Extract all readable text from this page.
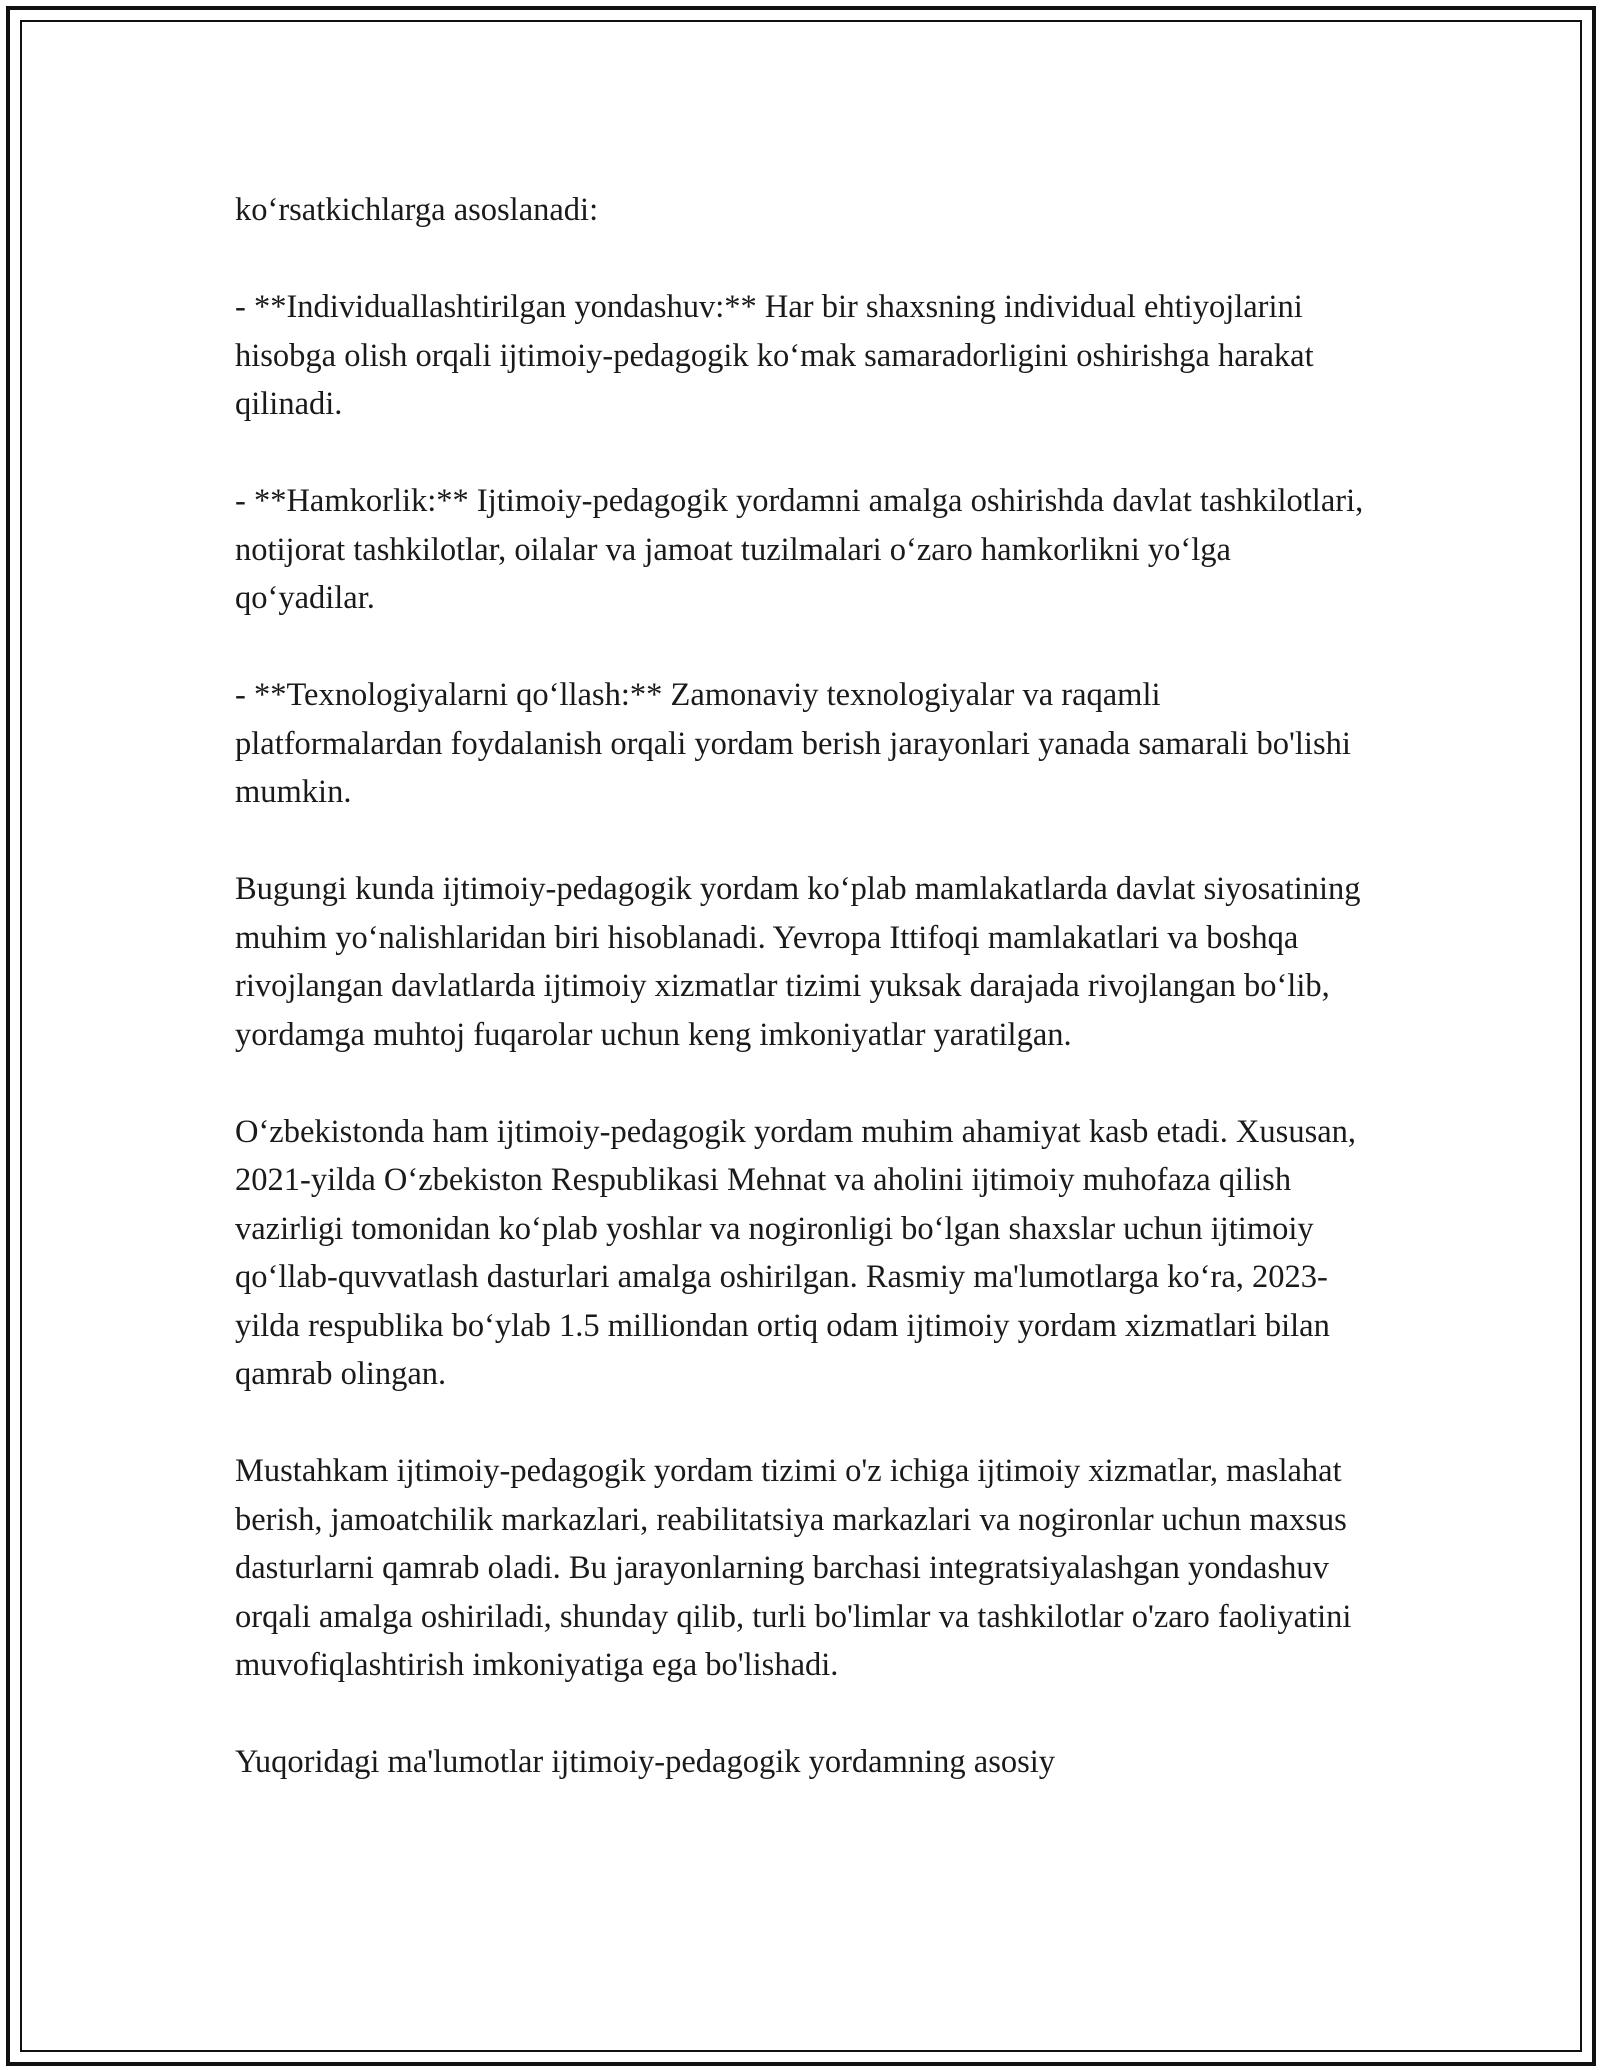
ko‘rsatkichlarga asoslanadi:

- **Individuallashtirilgan yondashuv:** Har bir shaxsning individual ehtiyojlarini hisobga olish orqali ijtimoiy-pedagogik ko‘mak samaradorligini oshirishga harakat qilinadi.

- **Hamkorlik:** Ijtimoiy-pedagogik yordamni amalga oshirishda davlat tashkilotlari, notijorat tashkilotlar, oilalar va jamoat tuzilmalari o‘zaro hamkorlikni yo‘lga qo‘yadilar.

- **Texnologiyalarni qo‘llash:** Zamonaviy texnologiyalar va raqamli platformalardan foydalanish orqali yordam berish jarayonlari yanada samarali bo'lishi mumkin.

Bugungi kunda ijtimoiy-pedagogik yordam ko‘plab mamlakatlarda davlat siyosatining muhim yo‘nalishlaridan biri hisoblanadi. Yevropa Ittifoqi mamlakatlari va boshqa rivojlangan davlatlarda ijtimoiy xizmatlar tizimi yuksak darajada rivojlangan bo‘lib, yordamga muhtoj fuqarolar uchun keng imkoniyatlar yaratilgan.

O‘zbekistonda ham ijtimoiy-pedagogik yordam muhim ahamiyat kasb etadi. Xususan, 2021-yilda O‘zbekiston Respublikasi Mehnat va aholini ijtimoiy muhofaza qilish vazirligi tomonidan ko‘plab yoshlar va nogironligi bo‘lgan shaxslar uchun ijtimoiy qo‘llab-quvvatlash dasturlari amalga oshirilgan. Rasmiy ma'lumotlarga ko‘ra, 2023-yilda respublika bo‘ylab 1.5 milliondan ortiq odam ijtimoiy yordam xizmatlari bilan qamrab olingan.

Mustahkam ijtimoiy-pedagogik yordam tizimi o'z ichiga ijtimoiy xizmatlar, maslahat berish, jamoatchilik markazlari, reabilitatsiya markazlari va nogironlar uchun maxsus dasturlarni qamrab oladi. Bu jarayonlarning barchasi integratsiyalashgan yondashuv orqali amalga oshiriladi, shunday qilib, turli bo'limlar va tashkilotlar o'zaro faoliyatini muvofiqlashtirish imkoniyatiga ega bo'lishadi.

Yuqoridagi ma'lumotlar ijtimoiy-pedagogik yordamning asosiy
